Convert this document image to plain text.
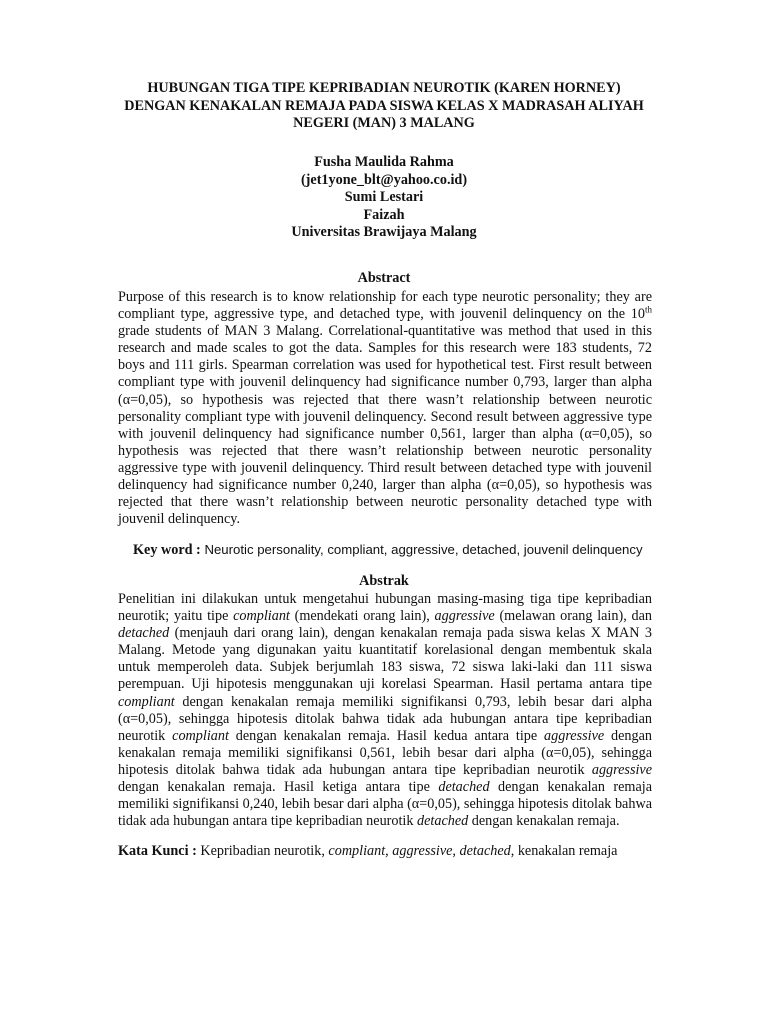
HUBUNGAN TIGA TIPE KEPRIBADIAN NEUROTIK (KAREN HORNEY)
DENGAN KENAKALAN REMAJA PADA SISWA KELAS X MADRASAH ALIYAH
NEGERI (MAN) 3 MALANG
Fusha Maulida Rahma
(jet1yone_blt@yahoo.co.id)
Sumi Lestari
Faizah
Universitas Brawijaya Malang
Abstract
Purpose of this research is to know relationship for each type neurotic personality; they are
compliant type, aggressive type, and detached type, with jouvenil delinquency on the 10th
grade students of MAN 3 Malang. Correlational-quantitative was method that used in this
research and made scales to got the data. Samples for this research were 183 students, 72
boys and 111 girls. Spearman correlation was used for hypothetical test. First result between
compliant type with jouvenil delinquency had significance number 0,793, larger than alpha
(α=0,05), so hypothesis was rejected that there wasn’t relationship between neurotic
personality compliant type with jouvenil delinquency. Second result between aggressive type
with jouvenil delinquency had significance number 0,561, larger than alpha (α=0,05), so
hypothesis was rejected that there wasn’t relationship between neurotic personality
aggressive type with jouvenil delinquency. Third result between detached type with jouvenil
delinquency had significance number 0,240, larger than alpha (α=0,05), so hypothesis was
rejected that there wasn’t relationship between neurotic personality detached type with
jouvenil delinquency.
Key word : Neurotic personality, compliant, aggressive, detached, jouvenil delinquency
Abstrak
Penelitian ini dilakukan untuk mengetahui hubungan masing-masing tiga tipe kepribadian
neurotik; yaitu tipe compliant (mendekati orang lain), aggressive (melawan orang lain), dan
detached (menjauh dari orang lain), dengan kenakalan remaja pada siswa kelas X MAN 3
Malang. Metode yang digunakan yaitu kuantitatif korelasional dengan membentuk skala
untuk memperoleh data. Subjek berjumlah 183 siswa, 72 siswa laki-laki dan 111 siswa
perempuan. Uji hipotesis menggunakan uji korelasi Spearman. Hasil pertama antara tipe
compliant dengan kenakalan remaja memiliki signifikansi 0,793, lebih besar dari alpha
(α=0,05), sehingga hipotesis ditolak bahwa tidak ada hubungan antara tipe kepribadian
neurotik compliant dengan kenakalan remaja. Hasil kedua antara tipe aggressive dengan
kenakalan remaja memiliki signifikansi 0,561, lebih besar dari alpha (α=0,05), sehingga
hipotesis ditolak bahwa tidak ada hubungan antara tipe kepribadian neurotik aggressive
dengan kenakalan remaja. Hasil ketiga antara tipe detached dengan kenakalan remaja
memiliki signifikansi 0,240, lebih besar dari alpha (α=0,05), sehingga hipotesis ditolak bahwa
tidak ada hubungan antara tipe kepribadian neurotik detached dengan kenakalan remaja.
Kata Kunci : Kepribadian neurotik, compliant, aggressive, detached, kenakalan remaja
